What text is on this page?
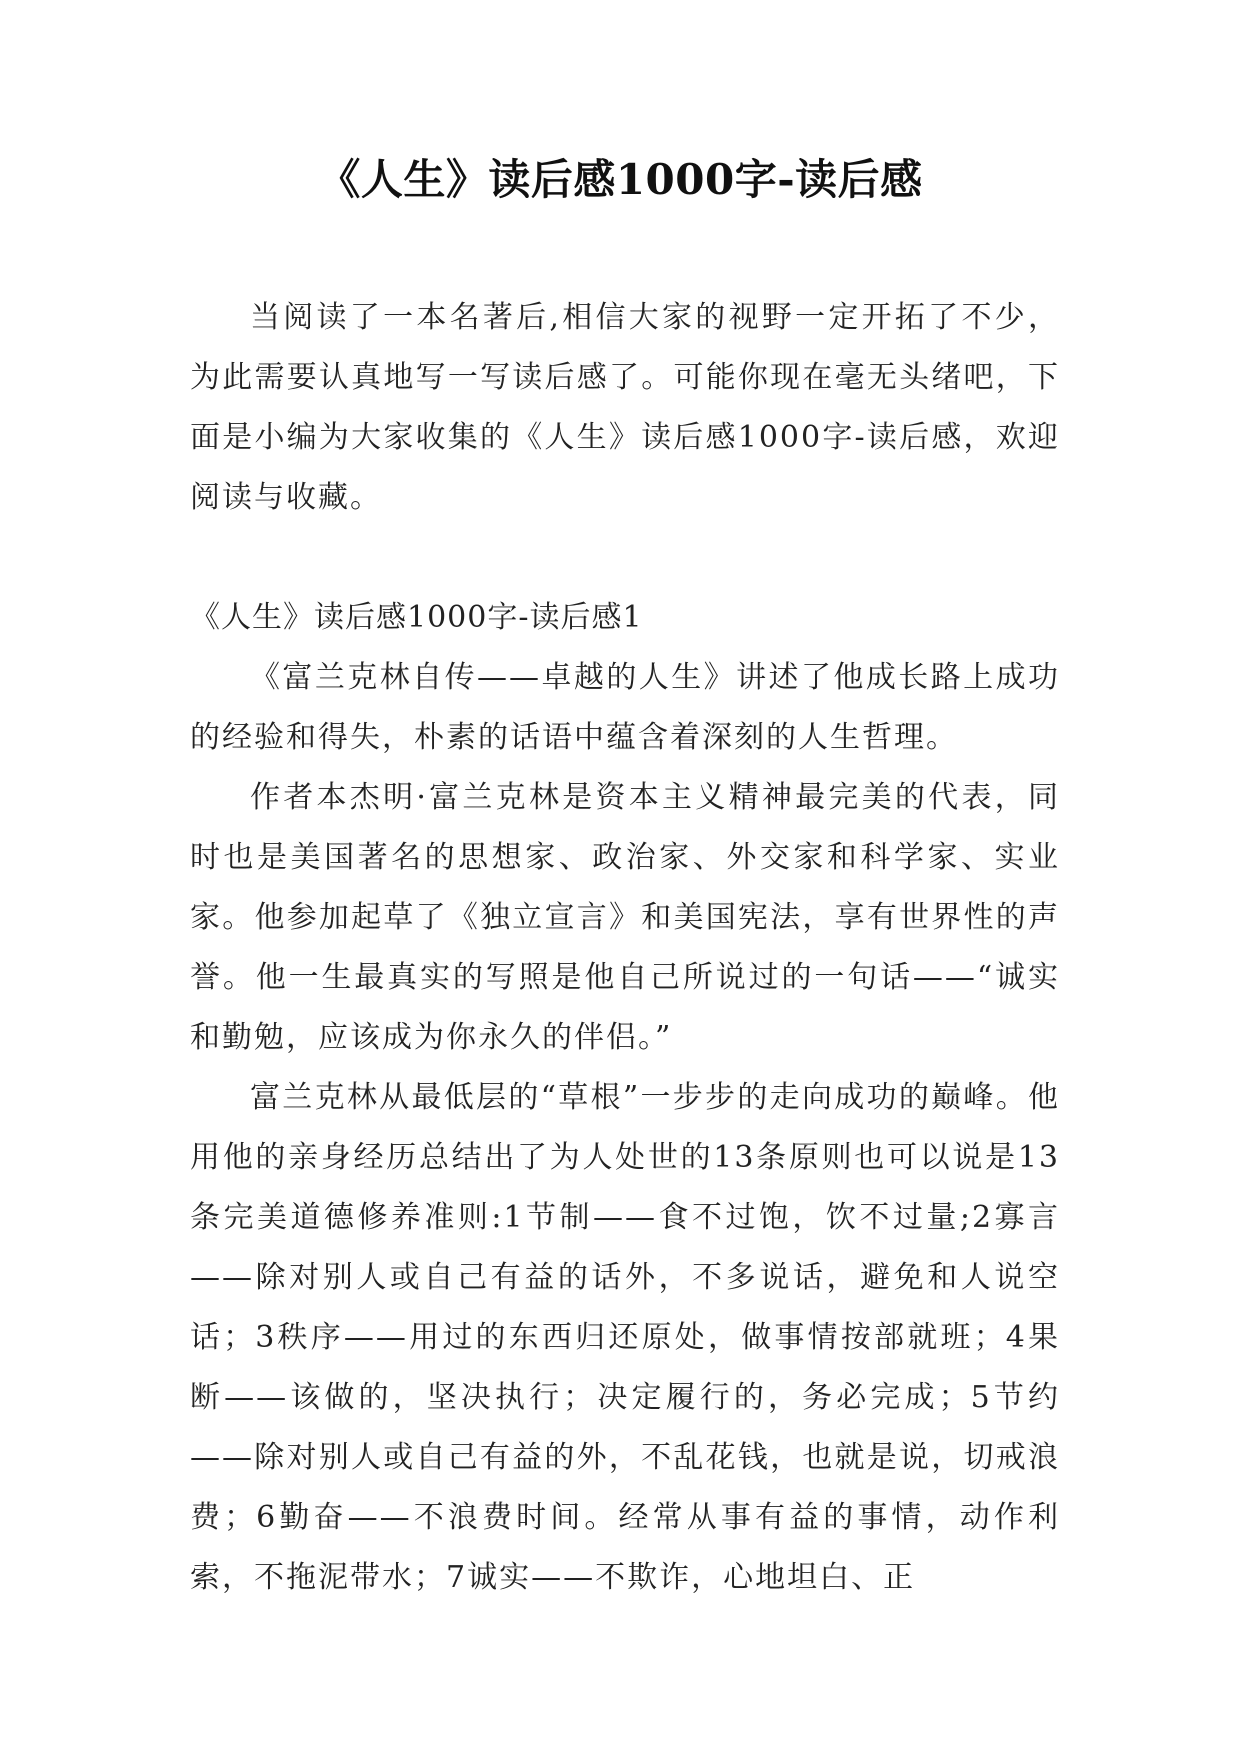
《人生》读后感1000字-读后感

当阅读了一本名著后,相信大家的视野一定开拓了不少，为此需要认真地写一写读后感了。可能你现在毫无头绪吧，下面是小编为大家收集的《人生》读后感1000字-读后感，欢迎阅读与收藏。

《人生》读后感1000字-读后感1

《富兰克林自传——卓越的人生》讲述了他成长路上成功的经验和得失，朴素的话语中蕴含着深刻的人生哲理。

作者本杰明·富兰克林是资本主义精神最完美的代表，同时也是美国著名的思想家、政治家、外交家和科学家、实业家。他参加起草了《独立宣言》和美国宪法，享有世界性的声誉。他一生最真实的写照是他自己所说过的一句话——“诚实和勤勉，应该成为你永久的伴侣。”

富兰克林从最低层的“草根”一步步的走向成功的巅峰。他用他的亲身经历总结出了为人处世的13条原则也可以说是13条完美道德修养准则:1节制——食不过饱，饮不过量;2寡言——除对别人或自己有益的话外，不多说话，避免和人说空话；3秩序——用过的东西归还原处，做事情按部就班；4果断——该做的，坚决执行；决定履行的，务必完成；5节约——除对别人或自己有益的外，不乱花钱，也就是说，切戒浪费；6勤奋——不浪费时间。经常从事有益的事情，动作利索，不拖泥带水；7诚实——不欺诈，心地坦白、正
